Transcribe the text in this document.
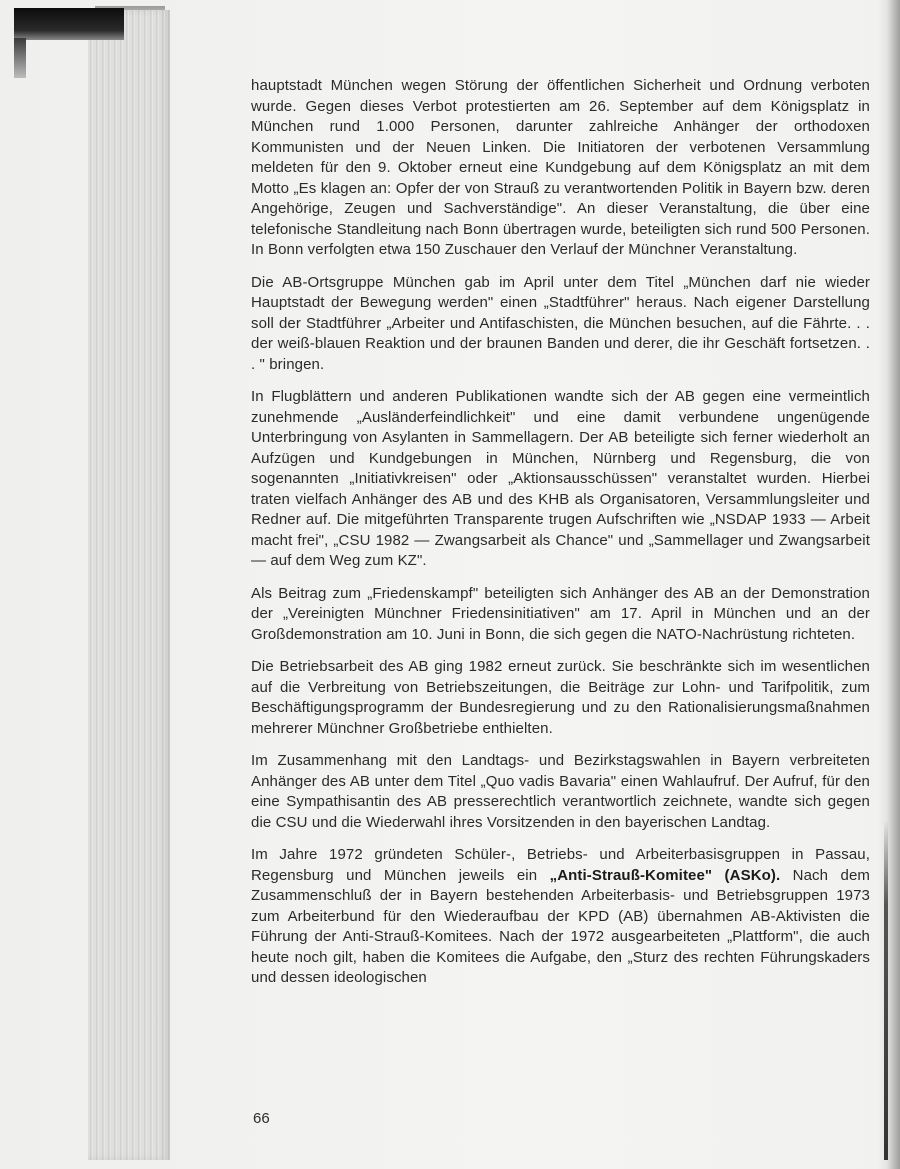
hauptstadt München wegen Störung der öffentlichen Sicherheit und Ordnung verboten wurde. Gegen dieses Verbot protestierten am 26. September auf dem Königsplatz in München rund 1.000 Personen, darunter zahlreiche Anhänger der orthodoxen Kommunisten und der Neuen Linken. Die Initiatoren der verbotenen Versammlung meldeten für den 9. Oktober erneut eine Kundgebung auf dem Königsplatz an mit dem Motto „Es klagen an: Opfer der von Strauß zu verantwortenden Politik in Bayern bzw. deren Angehörige, Zeugen und Sachverständige". An dieser Veranstaltung, die über eine telefonische Standleitung nach Bonn übertragen wurde, beteiligten sich rund 500 Personen. In Bonn verfolgten etwa 150 Zuschauer den Verlauf der Münchner Veranstaltung.

Die AB-Ortsgruppe München gab im April unter dem Titel „München darf nie wieder Hauptstadt der Bewegung werden" einen „Stadtführer" heraus. Nach eigener Darstellung soll der Stadtführer „Arbeiter und Antifaschisten, die München besuchen, auf die Fährte. . . der weiß-blauen Reaktion und der braunen Banden und derer, die ihr Geschäft fortsetzen. . . " bringen.

In Flugblättern und anderen Publikationen wandte sich der AB gegen eine vermeintlich zunehmende „Ausländerfeindlichkeit" und eine damit verbundene ungenügende Unterbringung von Asylanten in Sammellagern. Der AB beteiligte sich ferner wiederholt an Aufzügen und Kundgebungen in München, Nürnberg und Regensburg, die von sogenannten „Initiativkreisen" oder „Aktionsausschüssen" veranstaltet wurden. Hierbei traten vielfach Anhänger des AB und des KHB als Organisatoren, Versammlungsleiter und Redner auf. Die mitgeführten Transparente trugen Aufschriften wie „NSDAP 1933 — Arbeit macht frei", „CSU 1982 — Zwangsarbeit als Chance" und „Sammellager und Zwangsarbeit — auf dem Weg zum KZ".

Als Beitrag zum „Friedenskampf" beteiligten sich Anhänger des AB an der Demonstration der „Vereinigten Münchner Friedensinitiativen" am 17. April in München und an der Großdemonstration am 10. Juni in Bonn, die sich gegen die NATO-Nachrüstung richteten.

Die Betriebsarbeit des AB ging 1982 erneut zurück. Sie beschränkte sich im wesentlichen auf die Verbreitung von Betriebszeitungen, die Beiträge zur Lohn- und Tarifpolitik, zum Beschäftigungsprogramm der Bundesregierung und zu den Rationalisierungsmaßnahmen mehrerer Münchner Großbetriebe enthielten.

Im Zusammenhang mit den Landtags- und Bezirkstagswahlen in Bayern verbreiteten Anhänger des AB unter dem Titel „Quo vadis Bavaria" einen Wahlaufruf. Der Aufruf, für den eine Sympathisantin des AB presserechtlich verantwortlich zeichnete, wandte sich gegen die CSU und die Wiederwahl ihres Vorsitzenden in den bayerischen Landtag.

Im Jahre 1972 gründeten Schüler-, Betriebs- und Arbeiterbasisgruppen in Passau, Regensburg und München jeweils ein „Anti-Strauß-Komitee" (ASKo). Nach dem Zusammenschluß der in Bayern bestehenden Arbeiterbasis- und Betriebsgruppen 1973 zum Arbeiterbund für den Wiederaufbau der KPD (AB) übernahmen AB-Aktivisten die Führung der Anti-Strauß-Komitees. Nach der 1972 ausgearbeiteten „Plattform", die auch heute noch gilt, haben die Komitees die Aufgabe, den „Sturz des rechten Führungskaders und dessen ideologischen

66
